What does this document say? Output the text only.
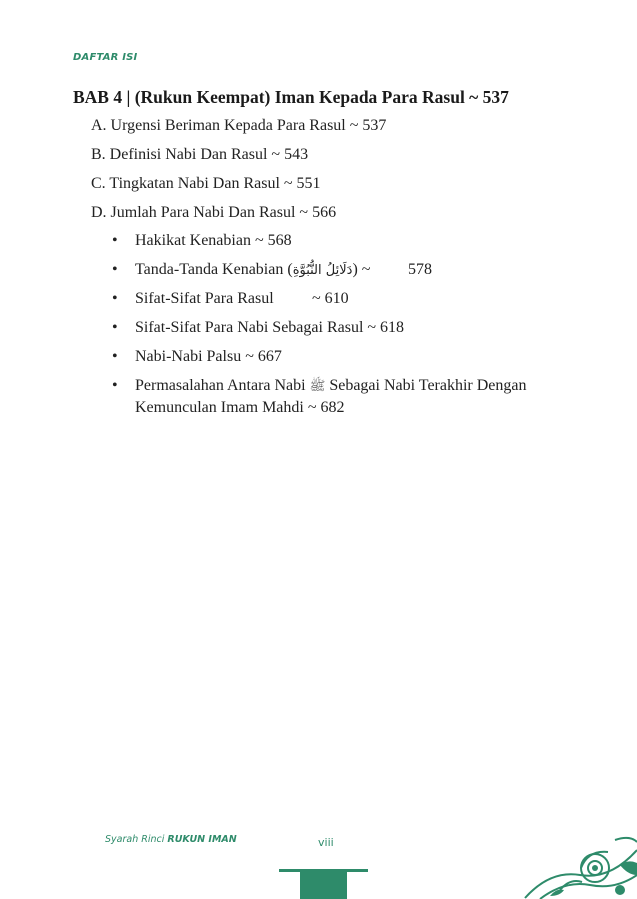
DAFTAR ISI
BAB 4 | (Rukun Keempat) Iman Kepada Para Rasul ~ 537
A. Urgensi Beriman Kepada Para Rasul ~ 537
B. Definisi Nabi Dan Rasul ~ 543
C. Tingkatan Nabi Dan Rasul ~ 551
D. Jumlah Para Nabi Dan Rasul ~ 566
• Hakikat Kenabian ~ 568
• Tanda-Tanda Kenabian (دَلَائِلُ النُّبُوَّةِ) ~ 578
• Sifat-Sifat Para Rasul ~ 610
• Sifat-Sifat Para Nabi Sebagai Rasul ~ 618
• Nabi-Nabi Palsu ~ 667
• Permasalahan Antara Nabi ﷺ Sebagai Nabi Terakhir Dengan
Kemunculan Imam Mahdi ~ 682
Syarah Rinci RUKUN IMAN	viii
